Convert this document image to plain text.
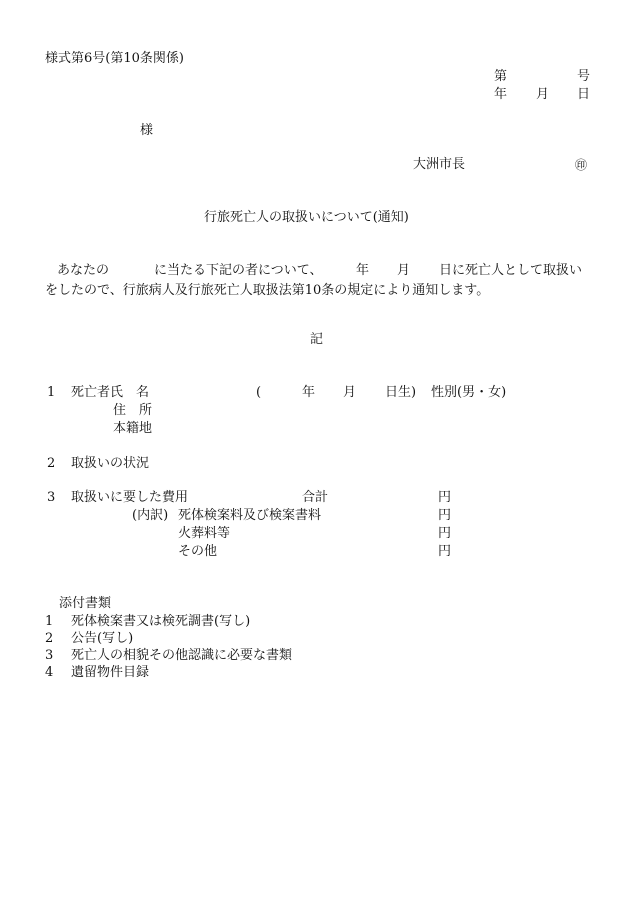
様式第6号(第10条関係)
第	号
年 月 日
様
大洲市長	㊞
行旅死亡人の取扱いについて(通知)
あなたの	に当たる下記の者について、	年 月 日に死亡人として取扱い
をしたので、行旅病人及行旅死亡人取扱法第10条の規定により通知します。
記
1 死亡者氏　名	(	年 月 日生) 性別(男・女)
住　所
本籍地
2 取扱いの状況
3 取扱いに要した費用	合計	円
(内訳) 死体検案料及び検案書料	円
火葬料等	円
その他	円
添付書類
1 死体検案書又は検死調書(写し)
2 公告(写し)
3 死亡人の相貌その他認識に必要な書類
4 遺留物件目録
